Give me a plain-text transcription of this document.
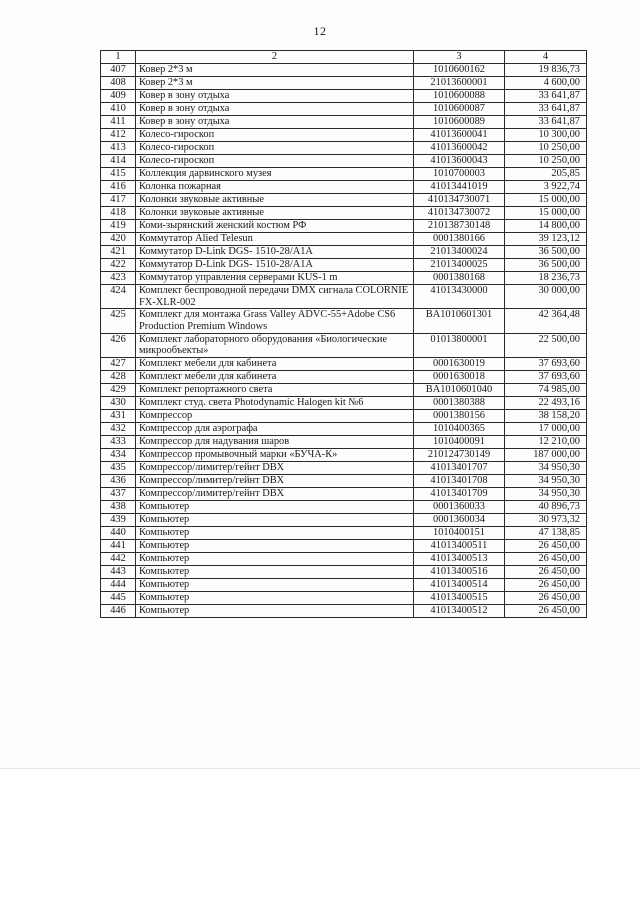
12
1	2	3	4
407	Ковер 2*3 м	1010600162	19 836,73
408	Ковер 2*3 м	21013600001	4 600,00
409	Ковер в зону отдыха	1010600088	33 641,87
410	Ковер в зону отдыха	1010600087	33 641,87
411	Ковер в зону отдыха	1010600089	33 641,87
412	Колесо-гироскоп	41013600041	10 300,00
413	Колесо-гироскоп	41013600042	10 250,00
414	Колесо-гироскоп	41013600043	10 250,00
415	Коллекция дарвинского музея	1010700003	205,85
416	Колонка пожарная	41013441019	3 922,74
417	Колонки звуковые активные	410134730071	15 000,00
418	Колонки звуковые активные	410134730072	15 000,00
419	Коми-зырянский женский костюм РФ	210138730148	14 800,00
420	Коммутатор Alied Telesun	0001380166	39 123,12
421	Коммутатор D-Link DGS- 1510-28/A1A	21013400024	36 500,00
422	Коммутатор D-Link DGS- 1510-28/A1A	21013400025	36 500,00
423	Коммутатор управления серверами KUS-1 m	0001380168	18 236,73
424	Комплект беспроводной передачи DMX сигнала COLORNIE FX-XLR-002	41013430000	30 000,00
425	Комплект для монтажа Grass Valley ADVC-55+Adobe CS6 Production Premium Windows	BA1010601301	42 364,48
426	Комплект лабораторного оборудования «Биологические микрообъекты»	01013800001	22 500,00
427	Комплект мебели для кабинета	0001630019	37 693,60
428	Комплект мебели для кабинета	0001630018	37 693,60
429	Комплект репортажного света	BA1010601040	74 985,00
430	Комплект студ. света Photodynamic Halogen kit №6	0001380388	22 493,16
431	Компрессор	0001380156	38 158,20
432	Компрессор для аэрографа	1010400365	17 000,00
433	Компрессор для надувания шаров	1010400091	12 210,00
434	Компрессор промывочный марки «БУЧА-К»	210124730149	187 000,00
435	Компрессор/лимитер/гейнт DBX	41013401707	34 950,30
436	Компрессор/лимитер/гейнт DBX	41013401708	34 950,30
437	Компрессор/лимитер/гейнт DBX	41013401709	34 950,30
438	Компьютер	0001360033	40 896,73
439	Компьютер	0001360034	30 973,32
440	Компьютер	1010400151	47 138,85
441	Компьютер	41013400511	26 450,00
442	Компьютер	41013400513	26 450,00
443	Компьютер	41013400516	26 450,00
444	Компьютер	41013400514	26 450,00
445	Компьютер	41013400515	26 450,00
446	Компьютер	41013400512	26 450,00
